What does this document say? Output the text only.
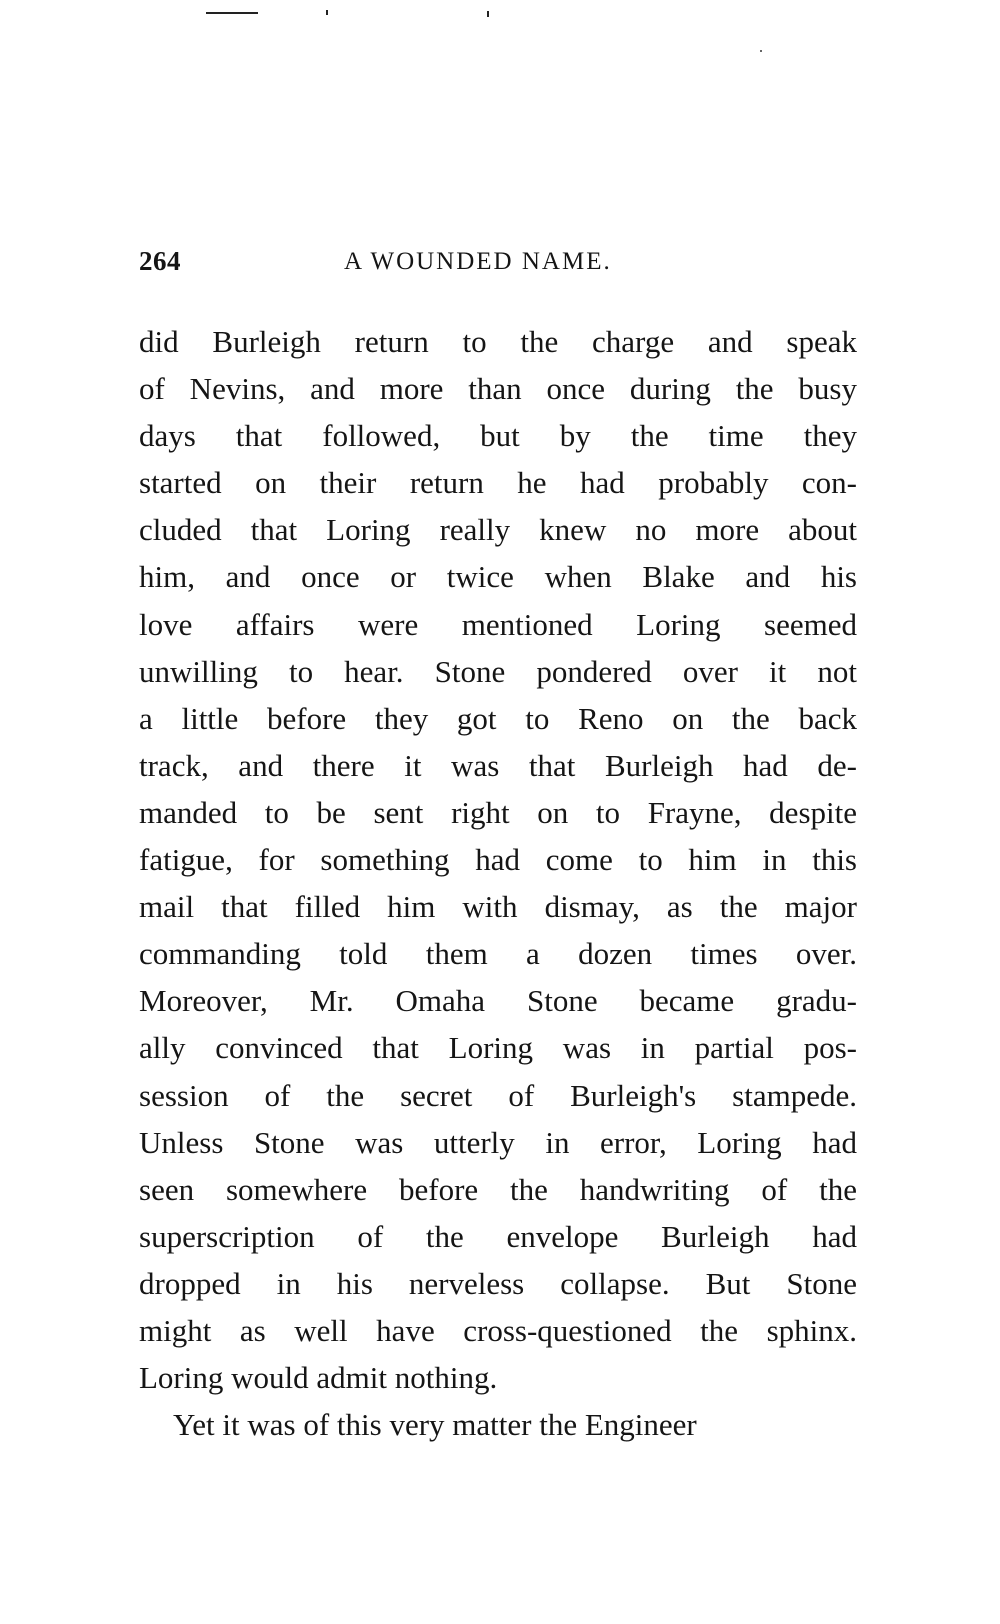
264	A WOUNDED NAME.
did Burleigh return to the charge and speak
of Nevins, and more than once during the busy
days that followed, but by the time they
started on their return he had probably con-
cluded that Loring really knew no more about
him, and once or twice when Blake and his
love affairs were mentioned Loring seemed
unwilling to hear. Stone pondered over it not
a little before they got to Reno on the back
track, and there it was that Burleigh had de-
manded to be sent right on to Frayne, despite
fatigue, for something had come to him in this
mail that filled him with dismay, as the major
commanding told them a dozen times over.
Moreover, Mr. Omaha Stone became gradu-
ally convinced that Loring was in partial pos-
session of the secret of Burleigh's stampede.
Unless Stone was utterly in error, Loring had
seen somewhere before the handwriting of the
superscription of the envelope Burleigh had
dropped in his nerveless collapse. But Stone
might as well have cross-questioned the sphinx.
Loring would admit nothing.
Yet it was of this very matter the Engineer
